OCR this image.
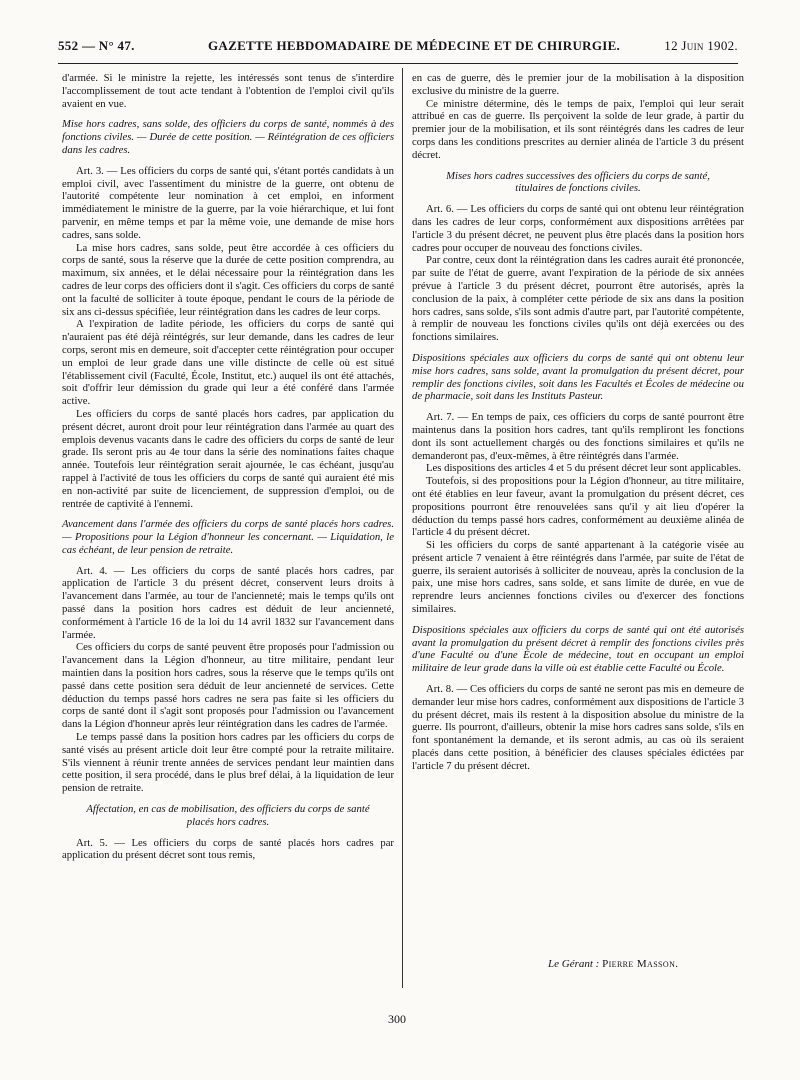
552 — N° 47.	GAZETTE HEBDOMADAIRE DE MÉDECINE ET DE CHIRURGIE.	12 Juin 1902.

d'armée. Si le ministre la rejette, les intéressés sont tenus de s'interdire l'accomplissement de tout acte tendant à l'obtention de l'emploi civil qu'ils avaient en vue.

Mise hors cadres, sans solde, des officiers du corps de santé, nommés à des fonctions civiles. — Durée de cette position. — Réintégration de ces officiers dans les cadres.

Art. 3. — Les officiers du corps de santé qui, s'étant portés candidats à un emploi civil, avec l'assentiment du ministre de la guerre, ont obtenu de l'autorité compétente leur nomination à cet emploi, en informent immédiatement le ministre de la guerre, par la voie hiérarchique, et lui font parvenir, en même temps et par la même voie, une demande de mise hors cadres, sans solde.

La mise hors cadres, sans solde, peut être accordée à ces officiers du corps de santé, sous la réserve que la durée de cette position comprendra, au maximum, six années, et le délai nécessaire pour la réintégration dans les cadres de leur corps des officiers dont il s'agit. Ces officiers du corps de santé ont la faculté de solliciter à toute époque, pendant le cours de la période de six ans ci-dessus spécifiée, leur réintégration dans les cadres de leur corps.

A l'expiration de ladite période, les officiers du corps de santé qui n'auraient pas été déjà réintégrés, sur leur demande, dans les cadres de leur corps, seront mis en demeure, soit d'accepter cette réintégration pour occuper un emploi de leur grade dans une ville distincte de celle où est situé l'établissement civil (Faculté, École, Institut, etc.) auquel ils ont été attachés, soit d'offrir leur démission du grade qui leur a été conféré dans l'armée active.

Les officiers du corps de santé placés hors cadres, par application du présent décret, auront droit pour leur réintégration dans l'armée au quart des emplois devenus vacants dans le cadre des officiers du corps de santé de leur grade. Ils seront pris au 4e tour dans la série des nominations faites chaque année. Toutefois leur réintégration serait ajournée, le cas échéant, jusqu'au rappel à l'activité de tous les officiers du corps de santé qui auraient été mis en non-activité par suite de licenciement, de suppression d'emploi, ou de rentrée de captivité à l'ennemi.

Avancement dans l'armée des officiers du corps de santé placés hors cadres. — Propositions pour la Légion d'honneur les concernant. — Liquidation, le cas échéant, de leur pension de retraite.

Art. 4. — Les officiers du corps de santé placés hors cadres, par application de l'article 3 du présent décret, conservent leurs droits à l'avancement dans l'armée, au tour de l'ancienneté; mais le temps qu'ils ont passé dans la position hors cadres est déduit de leur ancienneté, conformément à l'article 16 de la loi du 14 avril 1832 sur l'avancement dans l'armée.

Ces officiers du corps de santé peuvent être proposés pour l'admission ou l'avancement dans la Légion d'honneur, au titre militaire, pendant leur maintien dans la position hors cadres, sous la réserve que le temps qu'ils ont passé dans cette position sera déduit de leur ancienneté de services. Cette déduction du temps passé hors cadres ne sera pas faite si les officiers du corps de santé dont il s'agit sont proposés pour l'admission ou l'avancement dans la Légion d'honneur après leur réintégration dans les cadres de l'armée.

Le temps passé dans la position hors cadres par les officiers du corps de santé visés au présent article doit leur être compté pour la retraite militaire. S'ils viennent à réunir trente années de services pendant leur maintien dans cette position, il sera procédé, dans le plus bref délai, à la liquidation de leur pension de retraite.

Affectation, en cas de mobilisation, des officiers du corps de santé placés hors cadres.

Art. 5. — Les officiers du corps de santé placés hors cadres par application du présent décret sont tous remis,

en cas de guerre, dès le premier jour de la mobilisation à la disposition exclusive du ministre de la guerre.

Ce ministre détermine, dès le temps de paix, l'emploi qui leur serait attribué en cas de guerre. Ils perçoivent la solde de leur grade, à partir du premier jour de la mobilisation, et ils sont réintégrés dans les cadres de leur corps dans les conditions prescrites au dernier alinéa de l'article 3 du présent décret.

Mises hors cadres successives des officiers du corps de santé, titulaires de fonctions civiles.

Art. 6. — Les officiers du corps de santé qui ont obtenu leur réintégration dans les cadres de leur corps, conformément aux dispositions arrêtées par l'article 3 du présent décret, ne peuvent plus être placés dans la position hors cadres pour occuper de nouveau des fonctions civiles.

Par contre, ceux dont la réintégration dans les cadres aurait été prononcée, par suite de l'état de guerre, avant l'expiration de la période de six années prévue à l'article 3 du présent décret, pourront être autorisés, après la conclusion de la paix, à compléter cette période de six ans dans la position hors cadres, sans solde, s'ils sont admis d'autre part, par l'autorité compétente, à remplir de nouveau les fonctions civiles qu'ils ont déjà exercées ou des fonctions similaires.

Dispositions spéciales aux officiers du corps de santé qui ont obtenu leur mise hors cadres, sans solde, avant la promulgation du présent décret, pour remplir des fonctions civiles, soit dans les Facultés et Écoles de médecine ou de pharmacie, soit dans les Instituts Pasteur.

Art. 7. — En temps de paix, ces officiers du corps de santé pourront être maintenus dans la position hors cadres, tant qu'ils rempliront les fonctions dont ils sont actuellement chargés ou des fonctions similaires et qu'ils ne demanderont pas, d'eux-mêmes, à être réintégrés dans l'armée.

Les dispositions des articles 4 et 5 du présent décret leur sont applicables.

Toutefois, si des propositions pour la Légion d'honneur, au titre militaire, ont été établies en leur faveur, avant la promulgation du présent décret, ces propositions pourront être renouvelées sans qu'il y ait lieu d'opérer la déduction du temps passé hors cadres, conformément au deuxième alinéa de l'article 4 du présent décret.

Si les officiers du corps de santé appartenant à la catégorie visée au présent article 7 venaient à être réintégrés dans l'armée, par suite de l'état de guerre, ils seraient autorisés à solliciter de nouveau, après la conclusion de la paix, une mise hors cadres, sans solde, et sans limite de durée, en vue de reprendre leurs anciennes fonctions civiles ou d'exercer des fonctions similaires.

Dispositions spéciales aux officiers du corps de santé qui ont été autorisés avant la promulgation du présent décret à remplir des fonctions civiles près d'une Faculté ou d'une École de médecine, tout en occupant un emploi militaire de leur grade dans la ville où est établie cette Faculté ou École.

Art. 8. — Ces officiers du corps de santé ne seront pas mis en demeure de demander leur mise hors cadres, conformément aux dispositions de l'article 3 du présent décret, mais ils restent à la disposition absolue du ministre de la guerre. Ils pourront, d'ailleurs, obtenir la mise hors cadres sans solde, s'ils en font spontanément la demande, et ils seront admis, au cas où ils seraient placés dans cette position, à bénéficier des clauses spéciales édictées par l'article 7 du présent décret.

Le Gérant : Pierre Masson.
300
